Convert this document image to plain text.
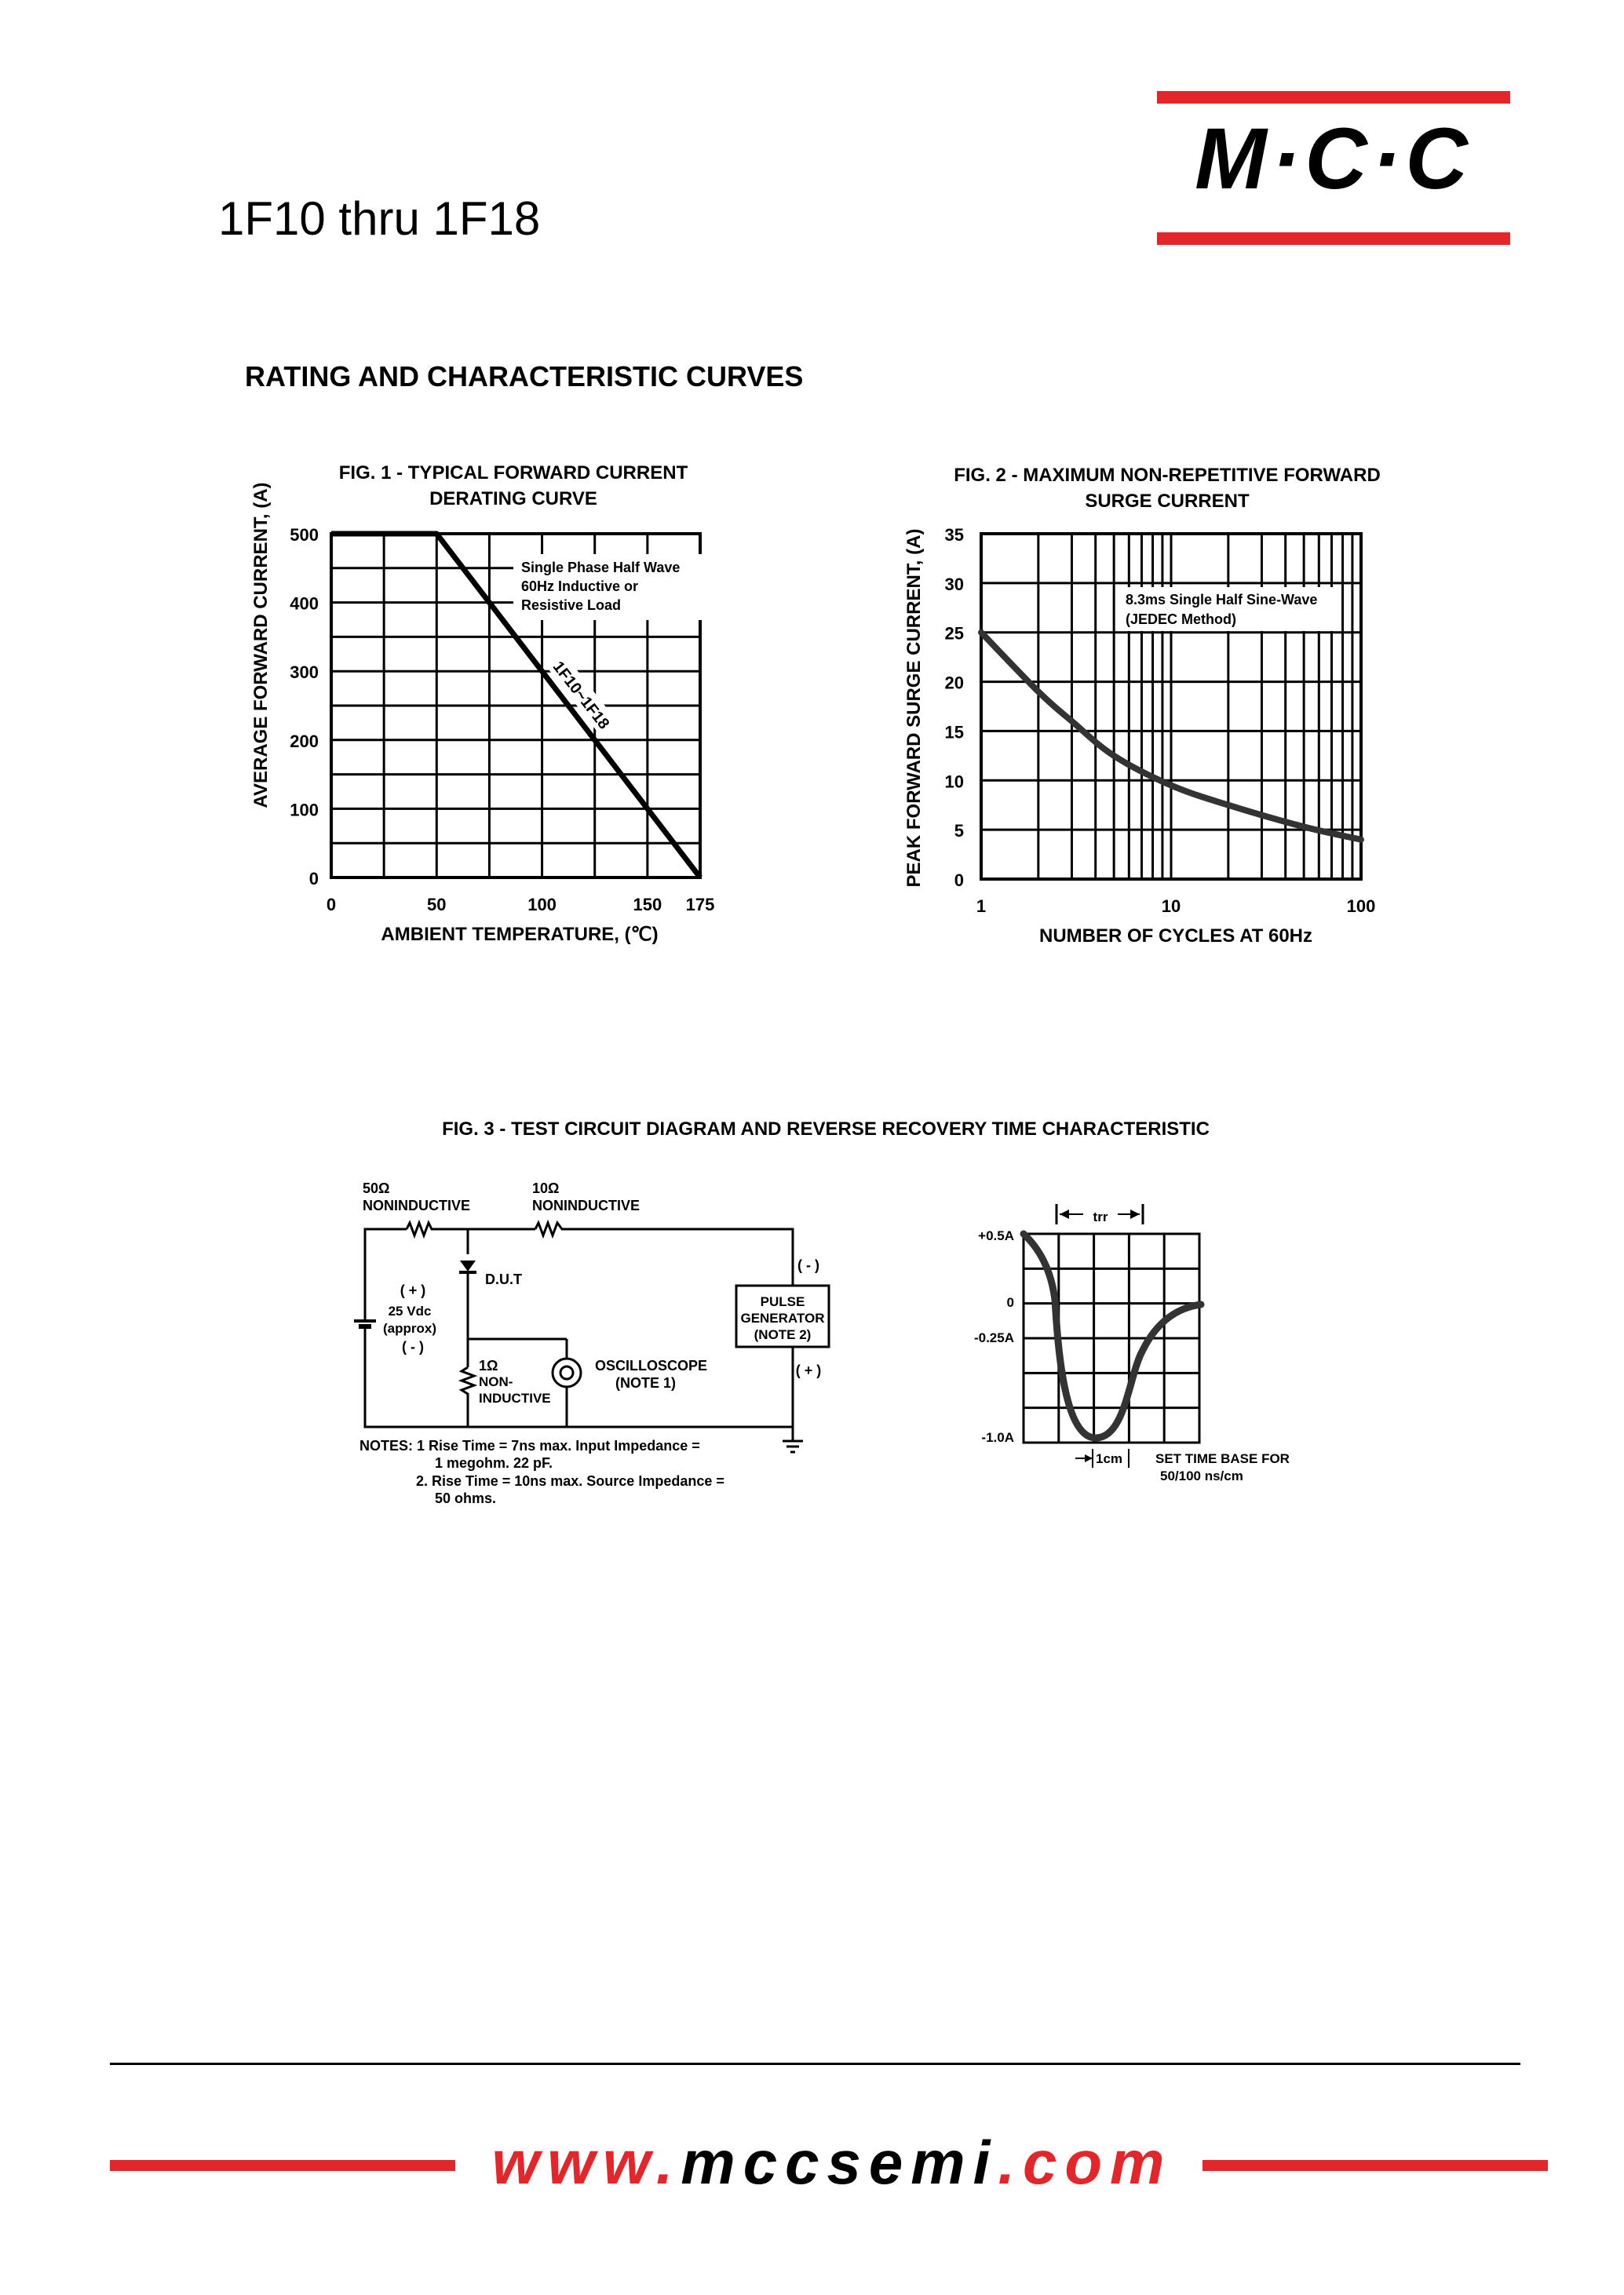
M·C·C
1F10 thru 1F18
RATING AND CHARACTERISTIC CURVES
FIG. 1 - TYPICAL FORWARD CURRENT
DERATING CURVE
0
100
200
300
400
500
0	50	100	150 175
AVERAGE FORWARD CURRENT, (A)
AMBIENT TEMPERATURE, (℃)
Single Phase Half Wave
60Hz Inductive or
Resistive Load
1F10~1F18
FIG. 2 - MAXIMUM NON-REPETITIVE FORWARD
SURGE CURRENT
0
5
10
15
20
25
30
35
1	10	100
PEAK FORWARD SURGE CURRENT, (A)
NUMBER OF CYCLES AT 60Hz
8.3ms Single Half Sine-Wave
(JEDEC Method)
FIG. 3 - TEST CIRCUIT DIAGRAM AND REVERSE RECOVERY TIME CHARACTERISTIC
PULSE
GENERATOR
(NOTE 2)
50Ω
NONINDUCTIVE
10Ω
NONINDUCTIVE
D.U.T
( + )
25 Vdc
(approx)
( - )
1Ω
NON-
INDUCTIVE
OSCILLOSCOPE
(NOTE 1)
( - )
( + )
NOTES: 1 Rise Time = 7ns max. Input Impedance =
1 megohm. 22 pF.
2. Rise Time = 10ns max. Source Impedance =
50 ohms.
trr
+0.5A
0
-0.25A
-1.0A
1cm SET TIME BASE FOR
50/100 ns/cm
www.mccsemi.com
